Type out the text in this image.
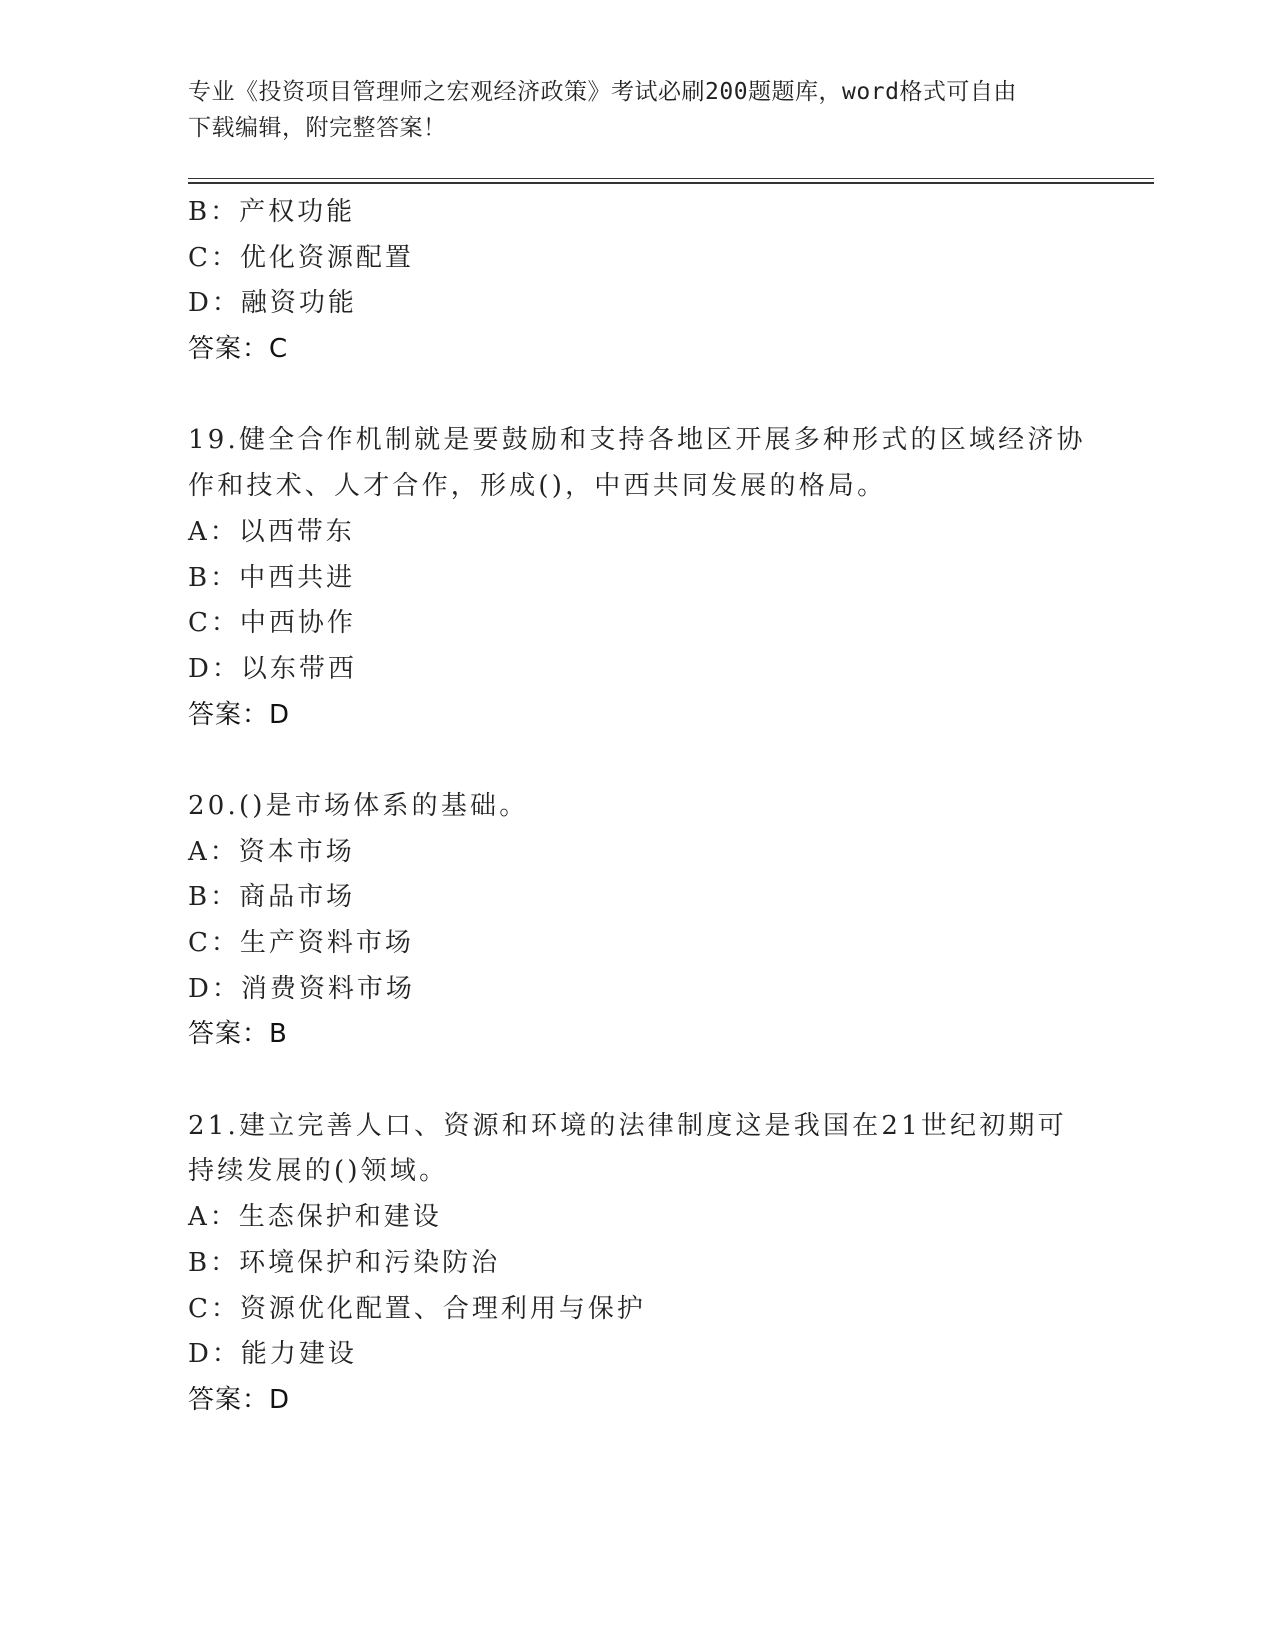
专业《投资项目管理师之宏观经济政策》考试必刷200题题库，word格式可自由
下载编辑，附完整答案！
B：产权功能
C：优化资源配置
D：融资功能
答案：C
19.健全合作机制就是要鼓励和支持各地区开展多种形式的区域经济协
作和技术、人才合作，形成()，中西共同发展的格局。
A：以西带东
B：中西共进
C：中西协作
D：以东带西
答案：D
20.()是市场体系的基础。
A：资本市场
B：商品市场
C：生产资料市场
D：消费资料市场
答案：B
21.建立完善人口、资源和环境的法律制度这是我国在21世纪初期可
持续发展的()领域。
A：生态保护和建设
B：环境保护和污染防治
C：资源优化配置、合理利用与保护
D：能力建设
答案：D
